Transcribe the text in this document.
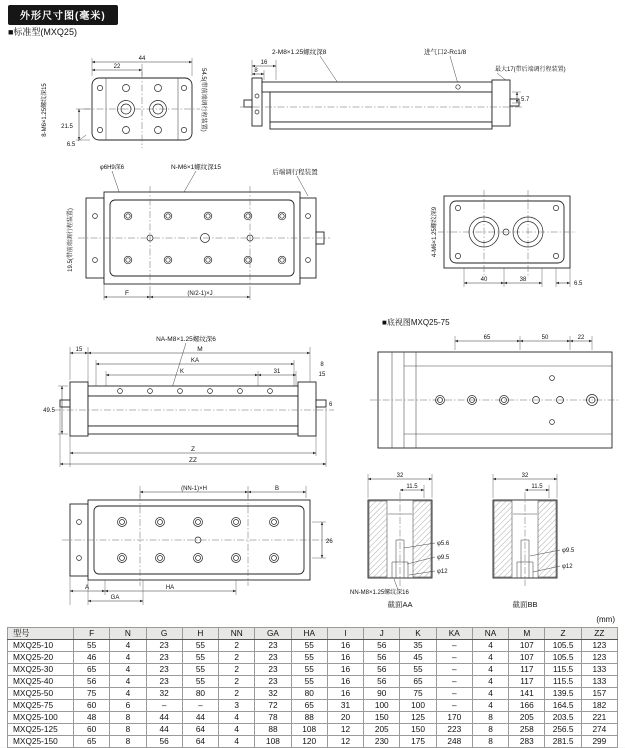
外形尺寸图(毫米)
■标准型(MXQ25)
8-M6×1.25螺纹深15
44
22
21.5
6.5
54.5(带前端调行程装置)
2-M8×1.25螺纹深8	进气口2-Rc1/8
最大17(带后端调行程装置)
16
8
5.7
φ6H9深6	N-M6×1螺纹深15
后端调行程装置
19.5(带前端调行程装置)
F	(N/2-1)×J
4-M6×1.25螺纹深9
40	38
6.5
■底视图MXQ25-75
65	50	22
NA-M8×1.25螺纹深6
15	M
KA
K	31
8
15
6
49.5
Z
ZZ
(NN-1)×H	B
26
A	HA
GA
32
11.5
φ5.6
φ9.5
φ12
截面AA
32
11.5
φ9.5
φ12
截面BB
NN-M8×1.25螺纹深16
(mm)
型号	F	N	G	H	NN	GA	HA	I	J	K	KA	NA	M	Z	ZZ
MXQ25-10	55	4	23	55	2	23	55	16	56	35	–	4	107	105.5	123
MXQ25-20	46	4	23	55	2	23	55	16	56	45	–	4	107	105.5	123
MXQ25-30	65	4	23	55	2	23	55	16	56	55	–	4	117	115.5	133
MXQ25-40	56	4	23	55	2	23	55	16	56	65	–	4	117	115.5	133
MXQ25-50	75	4	32	80	2	32	80	16	90	75	–	4	141	139.5	157
MXQ25-75	60	6	–	–	3	72	65	31	100	100	–	4	166	164.5	182
MXQ25-100	48	8	44	44	4	78	88	20	150	125	170	8	205	203.5	221
MXQ25-125	60	8	44	64	4	88	108	12	205	150	223	8	258	256.5	274
MXQ25-150	65	8	56	64	4	108	120	12	230	175	248	8	283	281.5	299
